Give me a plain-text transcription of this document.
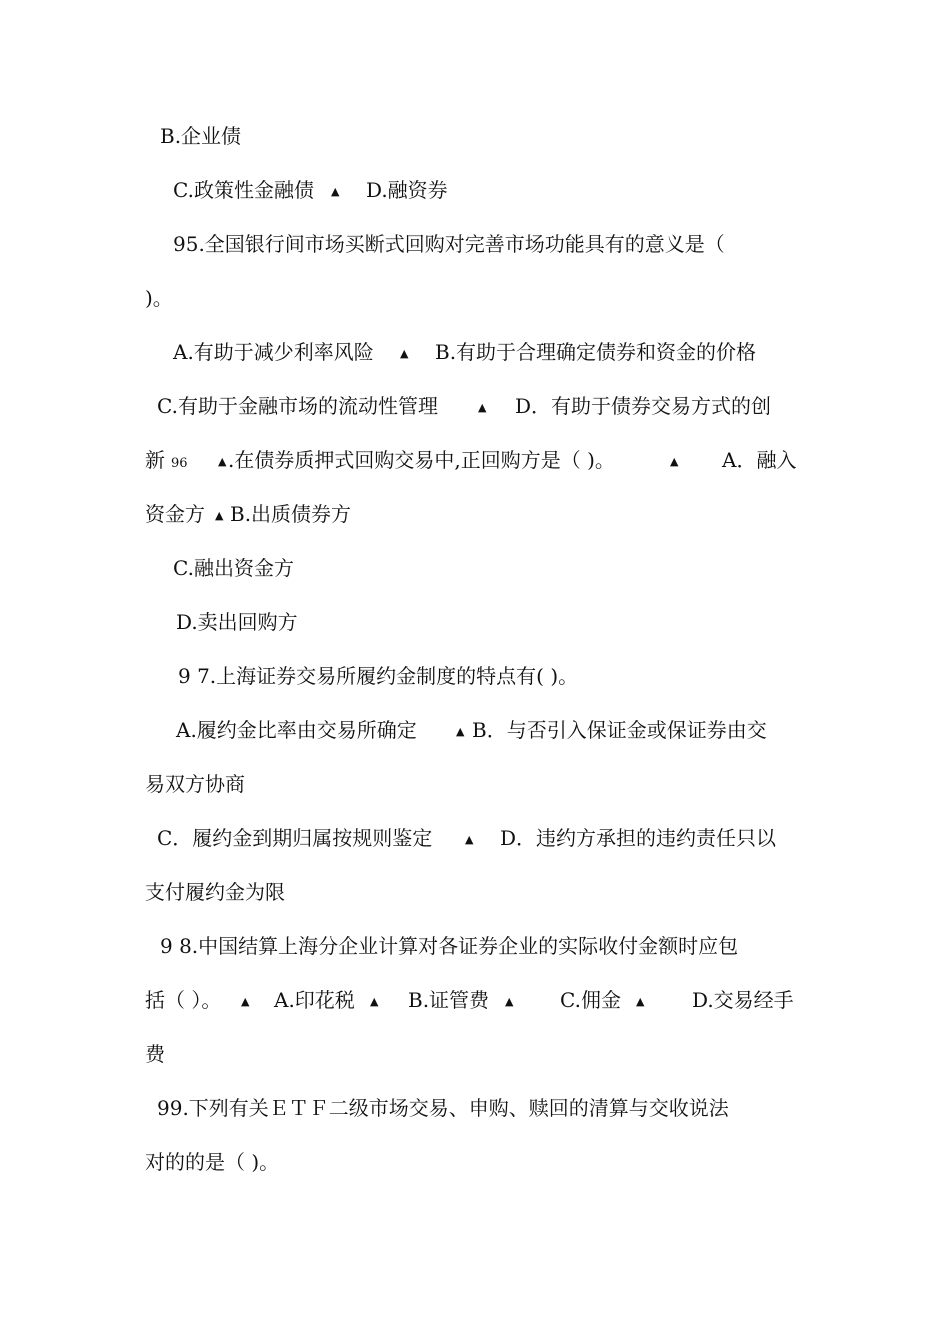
B.企业债
C.政策性金融债 ▲ D.融资券
95.全国银行间市场买断式回购对完善市场功能具有的意义是（
)。
A.有助于减少利率风险 ▲ B.有助于合理确定债券和资金的价格
C.有助于金融市场的流动性管理	▲ D．有助于债券交易方式的创
新 96	▲ .在债券质押式回购交易中,正回购方是（ )。	▲ A．融入
资金方 ▲ B.出质债券方
C.融出资金方
D.卖出回购方
9 7.上海证券交易所履约金制度的特点有( )。
A.履约金比率由交易所确定	▲ B．与否引入保证金或保证券由交
易双方协商
C．履约金到期归属按规则鉴定	▲ D．违约方承担的违约责任只以
支付履约金为限
9 8.中国结算上海分企业计算对各证券企业的实际收付金额时应包
括（ ）。 ▲ A.印花税 ▲ B.证管费 ▲ C.佣金 ▲ D.交易经手
费
99.下列有关ＥＴＦ二级市场交易、申购、赎回的清算与交收说法
对的的是（ )。
